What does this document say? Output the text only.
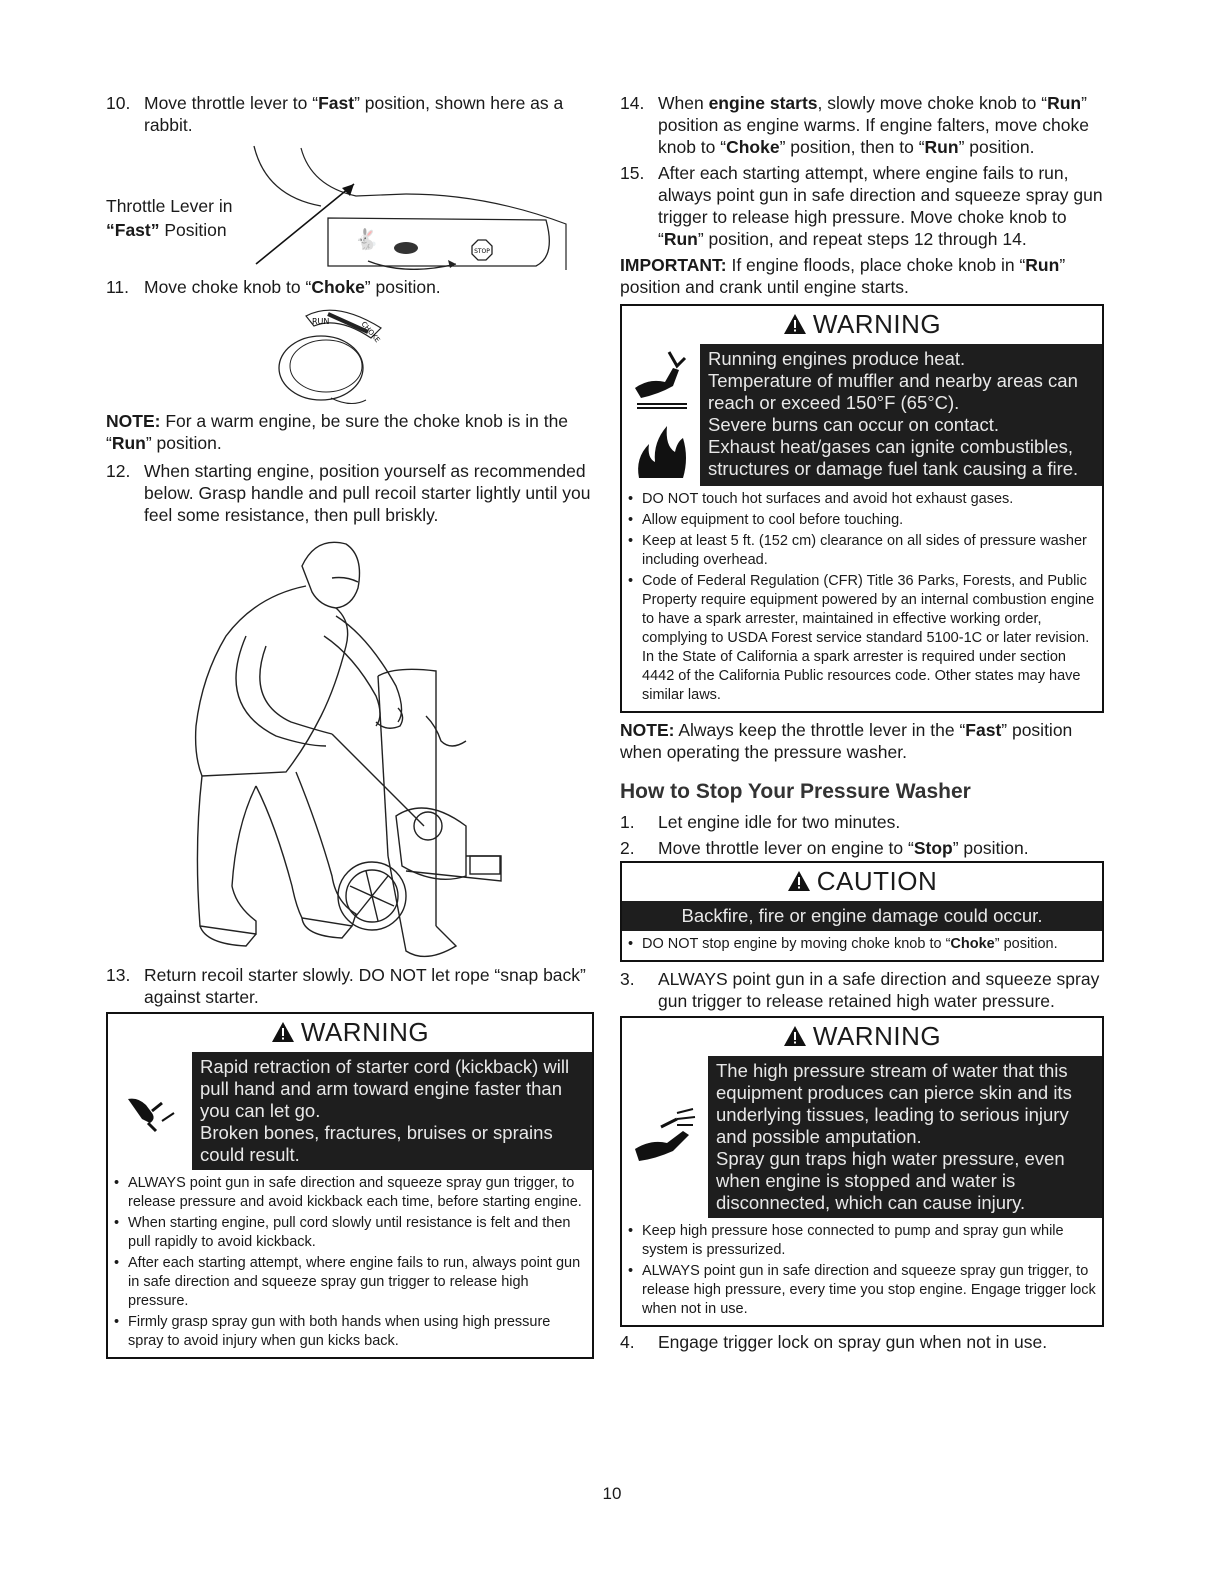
10. Move throttle lever to “Fast” position, shown here as a rabbit.

Throttle Lever in
“Fast” Position	🐇
STOP

11. Move choke knob to “Choke” position.

RUN	CHOKE

NOTE: For a warm engine, be sure the choke knob is in the “Run” position.

12. When starting engine, position yourself as recommended below. Grasp handle and pull recoil starter lightly until you feel some resistance, then pull briskly.

13. Return recoil starter slowly. DO NOT let rope “snap back” against starter.

WARNING

Rapid retraction of starter cord (kickback) will pull hand and arm toward engine faster than you can let go.

Broken bones, fractures, bruises or sprains could result.

• ALWAYS point gun in safe direction and squeeze spray gun trigger, to release pressure and avoid kickback each time, before starting engine.
• When starting engine, pull cord slowly until resistance is felt and then pull rapidly to avoid kickback.
• After each starting attempt, where engine fails to run, always point gun in safe direction and squeeze spray gun trigger to release high pressure.
• Firmly grasp spray gun with both hands when using high pressure spray to avoid injury when gun kicks back.

14. When engine starts, slowly move choke knob to “Run” position as engine warms. If engine falters, move choke knob to “Choke” position, then to “Run” position.

15. After each starting attempt, where engine fails to run, always point gun in safe direction and squeeze spray gun trigger to release high pressure. Move choke knob to “Run” position, and repeat steps 12 through 14.

IMPORTANT: If engine floods, place choke knob in “Run” position and crank until engine starts.

WARNING

Running engines produce heat.

Temperature of muffler and nearby areas can reach or exceed 150°F (65°C).

Severe burns can occur on contact.

Exhaust heat/gases can ignite combustibles, structures or damage fuel tank causing a fire.

• DO NOT touch hot surfaces and avoid hot exhaust gases.
• Allow equipment to cool before touching.
• Keep at least 5 ft. (152 cm) clearance on all sides of pressure washer including overhead.
• Code of Federal Regulation (CFR) Title 36 Parks, Forests, and Public Property require equipment powered by an internal combustion engine to have a spark arrester, maintained in effective working order, complying to USDA Forest service standard 5100-1C or later revision. In the State of California a spark arrester is required under section 4442 of the California Public resources code. Other states may have similar laws.

NOTE: Always keep the throttle lever in the “Fast” position when operating the pressure washer.

How to Stop Your Pressure Washer

1. Let engine idle for two minutes.

2. Move throttle lever on engine to “Stop” position.

CAUTION
Backfire, fire or engine damage could occur.
• DO NOT stop engine by moving choke knob to “Choke” position.

3. ALWAYS point gun in a safe direction and squeeze spray gun trigger to release retained high water pressure.

WARNING

The high pressure stream of water that this equipment produces can pierce skin and its underlying tissues, leading to serious injury and possible amputation.

Spray gun traps high water pressure, even when engine is stopped and water is disconnected, which can cause injury.

• Keep high pressure hose connected to pump and spray gun while system is pressurized.
• ALWAYS point gun in safe direction and squeeze spray gun trigger, to release high pressure, every time you stop engine. Engage trigger lock when not in use.

4. Engage trigger lock on spray gun when not in use.

10
